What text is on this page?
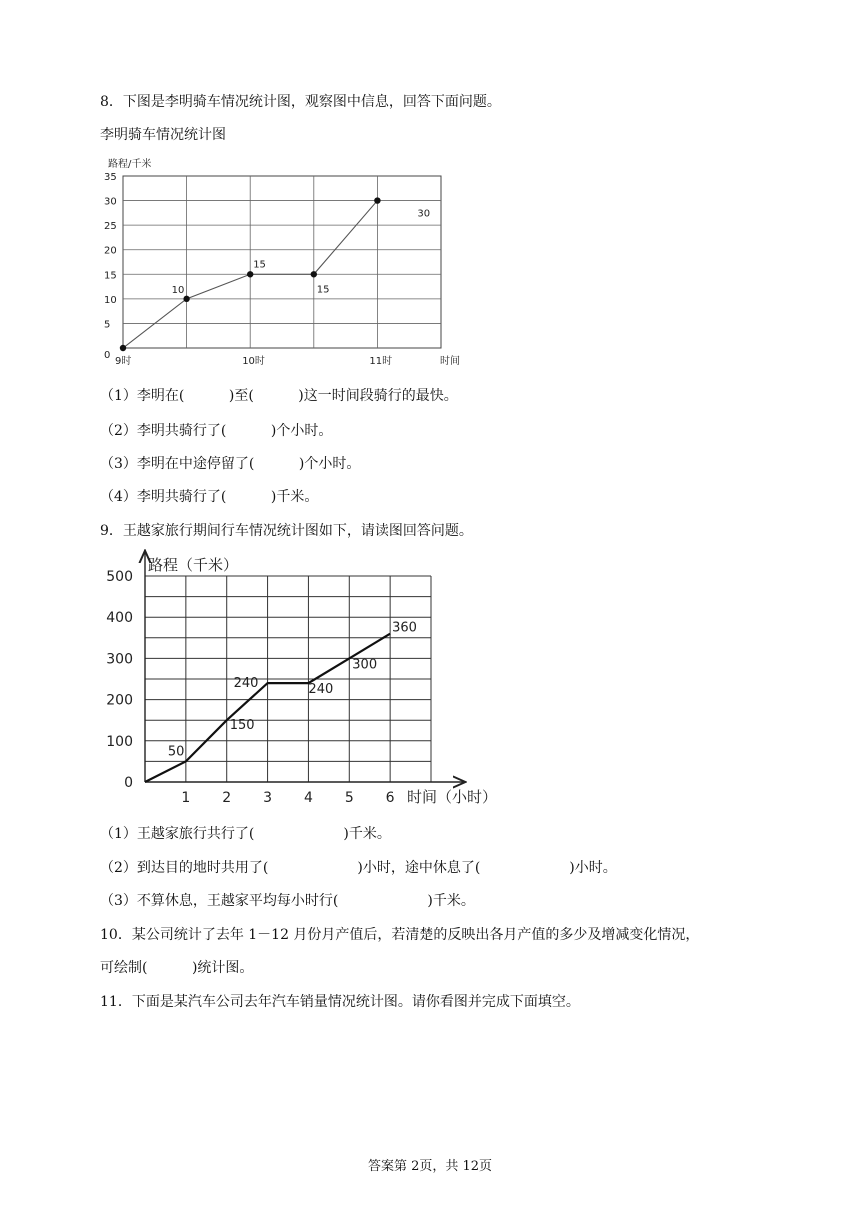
8．下图是李明骑车情况统计图，观察图中信息，回答下面问题。
李明骑车情况统计图
路程/千米
0
5
10
15
20
25
30
35
9时	10时	11时	时间
10
15
15
30
（1）李明在(          )至(          )这一时间段骑行的最快。
（2）李明共骑行了(          )个小时。
（3）李明在中途停留了(          )个小时。
（4）李明共骑行了(          )千米。
9．王越家旅行期间行车情况统计图如下，请读图回答问题。
路程（千米）
0
100
200
300
400
500
1 2 3 4 5 6 时间（小时）
50
150
240	240
300
360
（1）王越家旅行共行了(                    )千米。
（2）到达目的地时共用了(                    )小时，途中休息了(                    )小时。
（3）不算休息，王越家平均每小时行(                    )千米。
10．某公司统计了去年 1－12 月份月产值后，若清楚的反映出各月产值的多少及增减变化情况，
可绘制(          )统计图。
11．下面是某汽车公司去年汽车销量情况统计图。请你看图并完成下面填空。
答案第 2页，共 12页
